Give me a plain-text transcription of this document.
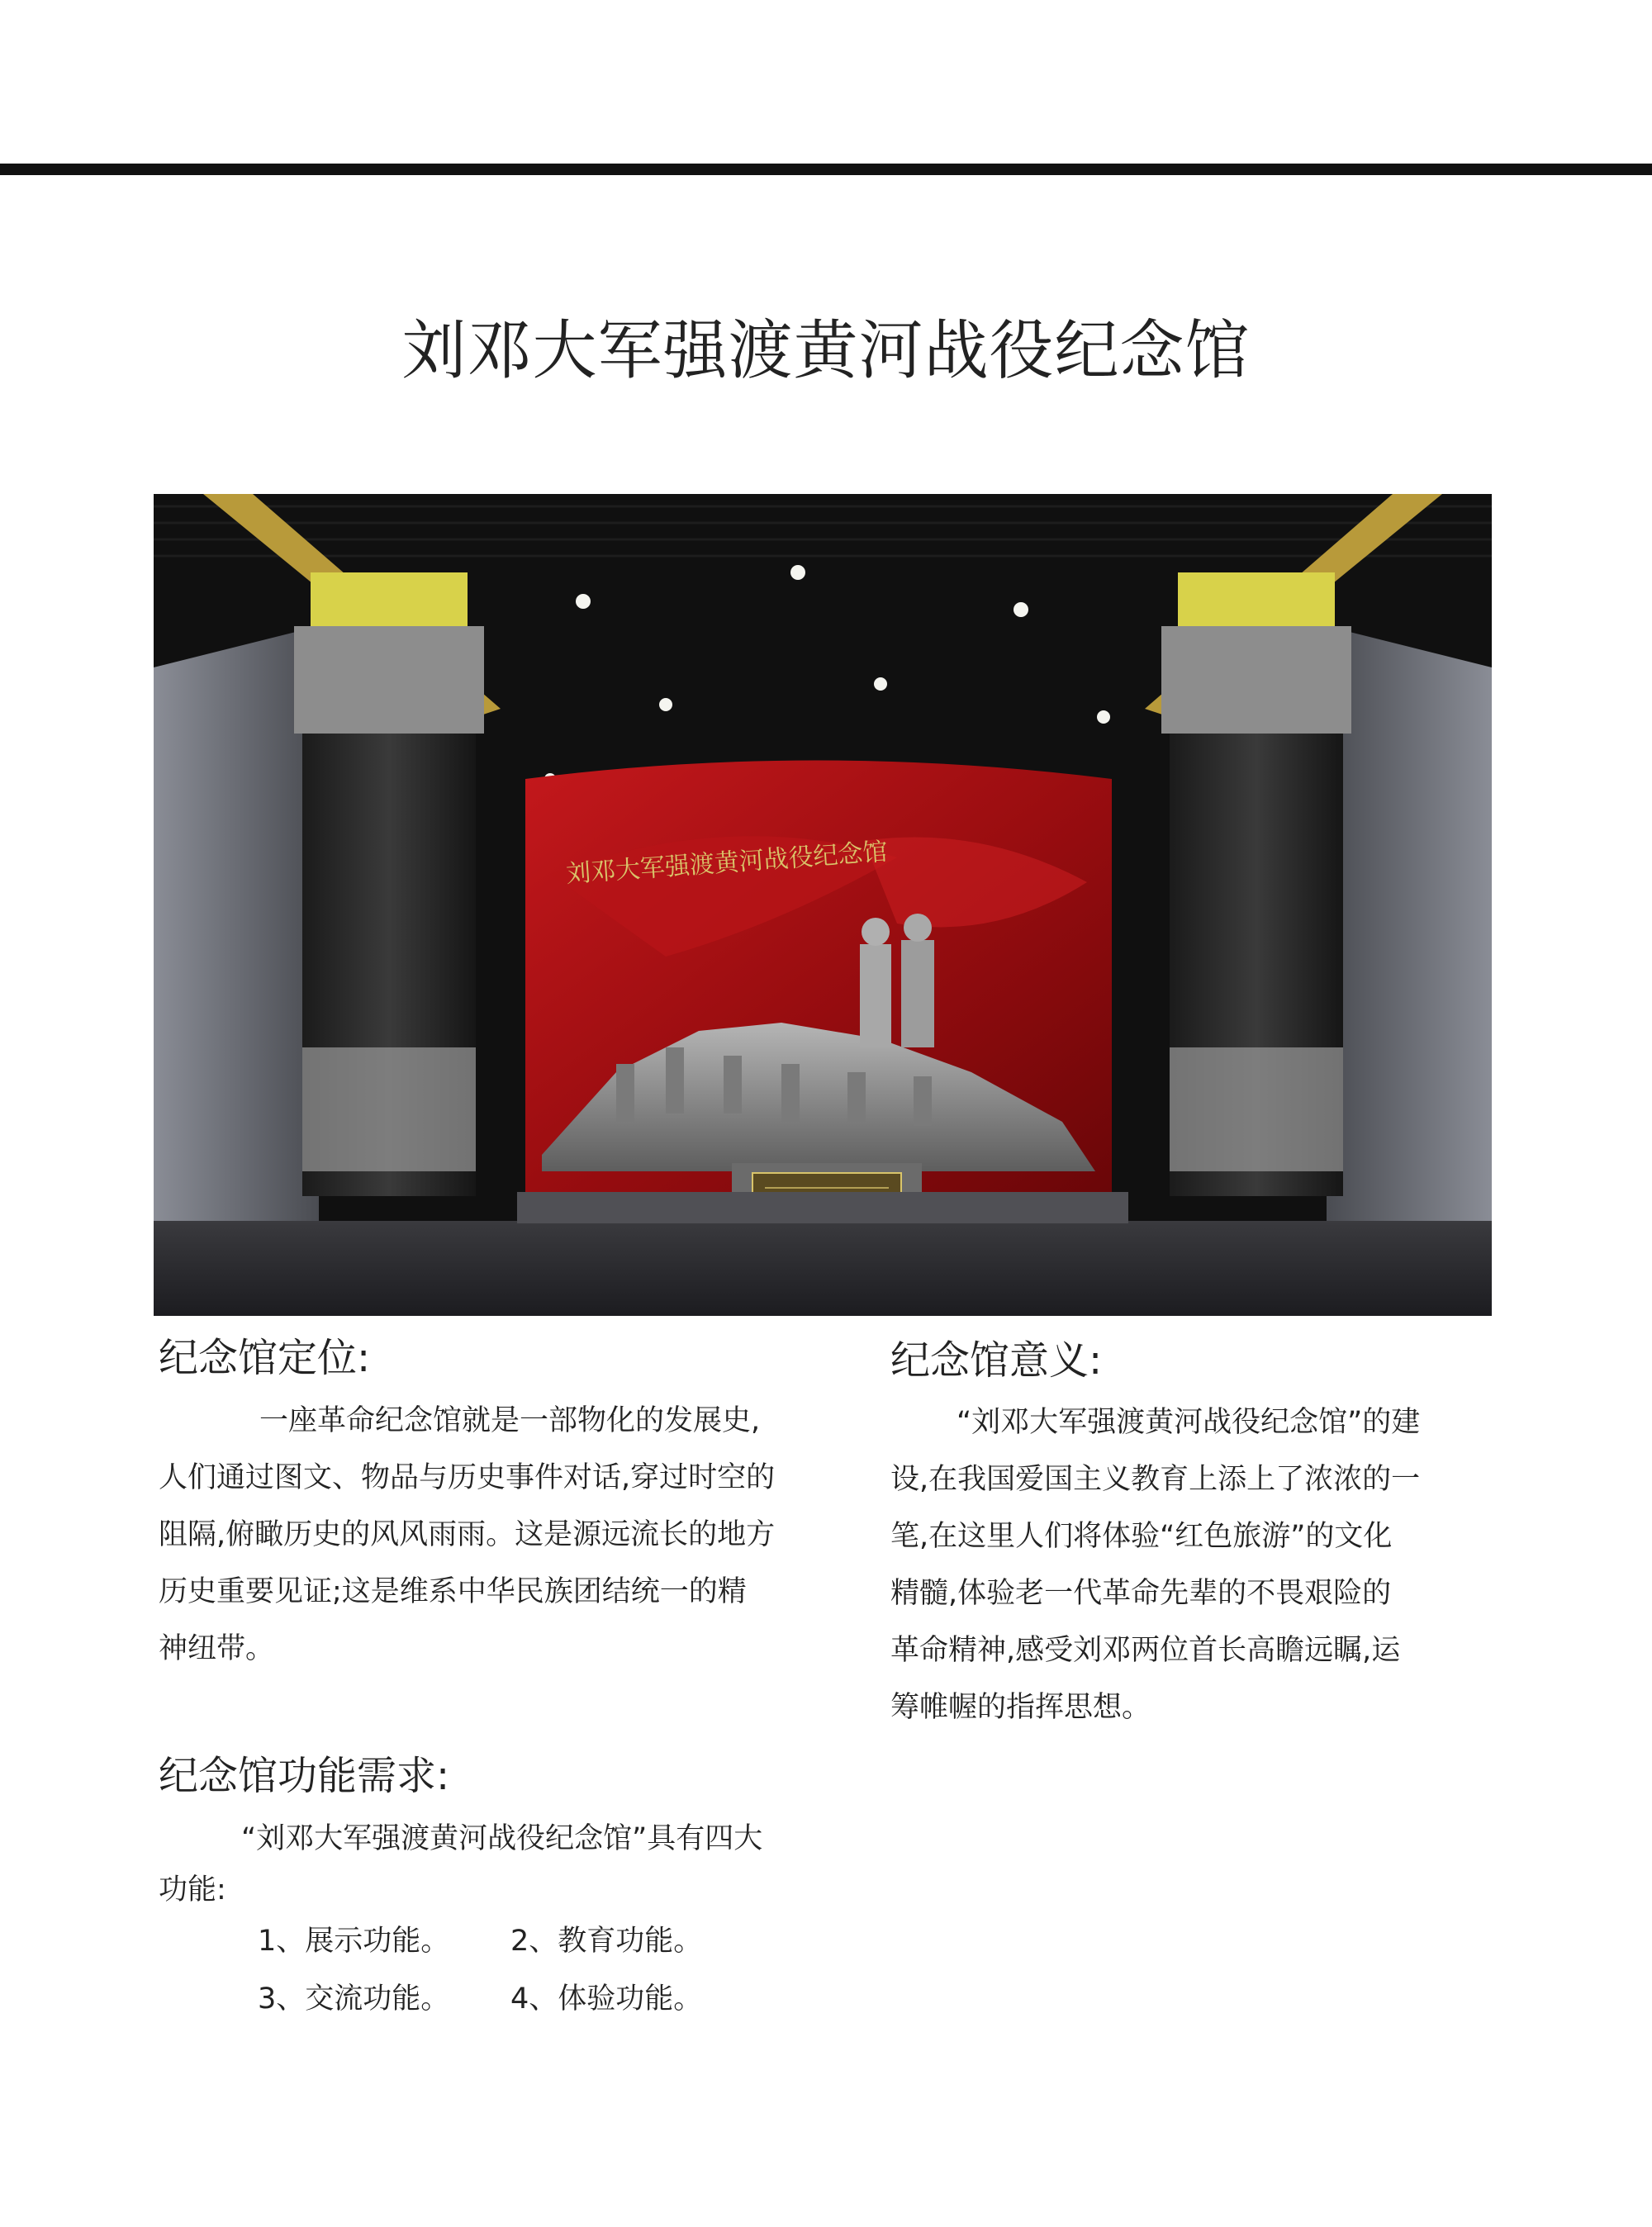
刘邓大军强渡黄河战役纪念馆
刘邓大军强渡黄河战役纪念馆
纪念馆定位:
一座革命纪念馆就是一部物化的发展史,
人们通过图文、物品与历史事件对话,穿过时空的
阻隔,俯瞰历史的风风雨雨。这是源远流长的地方
历史重要见证;这是维系中华民族团结统一的精
神纽带。
纪念馆意义:
“刘邓大军强渡黄河战役纪念馆”的建
设,在我国爱国主义教育上添上了浓浓的一
笔,在这里人们将体验“红色旅游”的文化
精髓,体验老一代革命先辈的不畏艰险的
革命精神,感受刘邓两位首长高瞻远瞩,运
筹帷幄的指挥思想。
纪念馆功能需求:
“刘邓大军强渡黄河战役纪念馆”具有四大
功能:
1、展示功能。 2、教育功能。
3、交流功能。 4、体验功能。
